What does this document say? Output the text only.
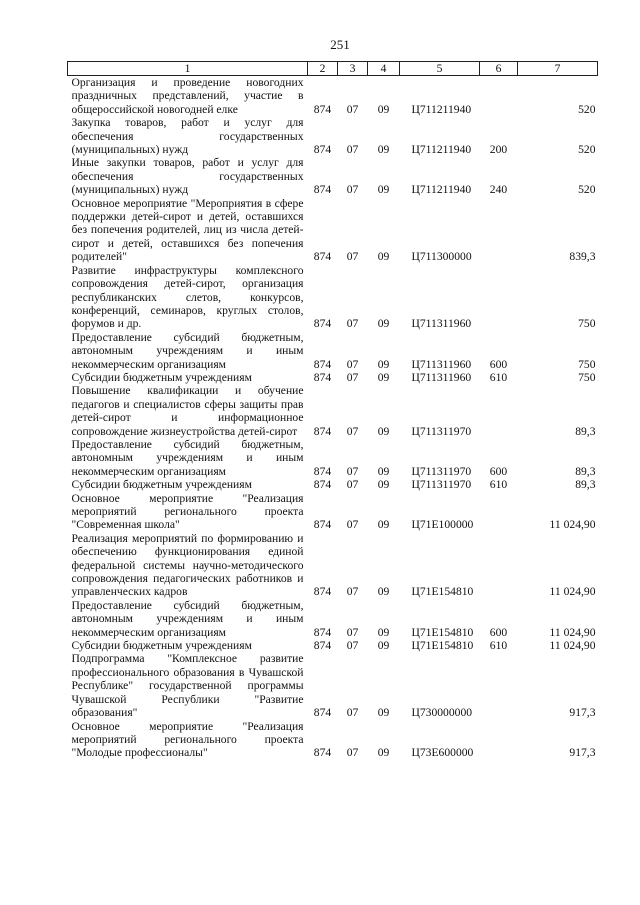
251
1	2	3	4	5	6	7
Организация и проведение новогодних праздничных представлений, участие в общероссийской новогодней елке	874	07	09	Ц711211940		520
Закупка товаров, работ и услуг для обеспечения государственных (муниципальных) нужд	874	07	09	Ц711211940	200	520
Иные закупки товаров, работ и услуг для обеспечения государственных (муниципальных) нужд	874	07	09	Ц711211940	240	520
Основное мероприятие "Мероприятия в сфере поддержки детей-сирот и детей, оставшихся без попечения родителей, лиц из числа детей-сирот и детей, оставшихся без попечения родителей"	874	07	09	Ц711300000		839,3
Развитие инфраструктуры комплексного сопровождения детей-сирот, организация республиканских слетов, конкурсов, конференций, семинаров, круглых столов, форумов и др.	874	07	09	Ц711311960		750
Предоставление субсидий бюджетным, автономным учреждениям и иным некоммерческим организациям	874	07	09	Ц711311960	600	750
Субсидии бюджетным учреждениям	874	07	09	Ц711311960	610	750
Повышение квалификации и обучение педагогов и специалистов сферы защиты прав детей-сирот и информационное сопровождение жизнеустройства детей-сирот	874	07	09	Ц711311970		89,3
Предоставление субсидий бюджетным, автономным учреждениям и иным некоммерческим организациям	874	07	09	Ц711311970	600	89,3
Субсидии бюджетным учреждениям	874	07	09	Ц711311970	610	89,3
Основное мероприятие "Реализация мероприятий регионального проекта "Современная школа"	874	07	09	Ц71Е100000		11 024,90
Реализация мероприятий по формированию и обеспечению функционирования единой федеральной системы научно-методического сопровождения педагогических работников и управленческих кадров	874	07	09	Ц71Е154810		11 024,90
Предоставление субсидий бюджетным, автономным учреждениям и иным некоммерческим организациям	874	07	09	Ц71Е154810	600	11 024,90
Субсидии бюджетным учреждениям	874	07	09	Ц71Е154810	610	11 024,90
Подпрограмма "Комплексное развитие профессионального образования в Чувашской Республике" государственной программы Чувашской Республики "Развитие образования"	874	07	09	Ц730000000		917,3
Основное мероприятие "Реализация мероприятий регионального проекта "Молодые профессионалы"	874	07	09	Ц73Е600000		917,3
